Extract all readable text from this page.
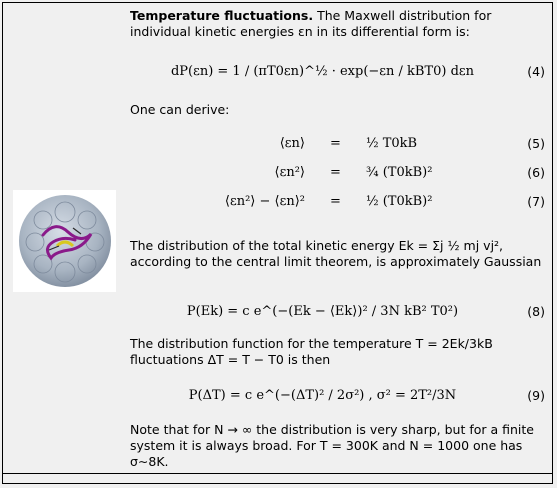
Temperature fluctuations. The Maxwell distribution for individual kinetic energies εn in its differential form is:
dP(εn) = 1 / (πT0εn)^½ · exp(−εn / kBT0) dεn	(4)
One can derive:
⟨εn⟩ = ½ T0kB	(5)
⟨εn²⟩ = ¾ (T0kB)²	(6)
⟨εn²⟩ − ⟨εn⟩² = ½ (T0kB)²	(7)
The distribution of the total kinetic energy Ek = Σj ½ mj vj², according to the central limit theorem, is approximately Gaussian
P(Ek) = c e^(−(Ek − ⟨Ek⟩)² / 3N kB² T0²)	(8)
The distribution function for the temperature T = 2Ek/3kB fluctuations ΔT = T − T0 is then
P(ΔT) = c e^(−(ΔT)² / 2σ²) , σ² = 2T²/3N	(9)
Note that for N → ∞ the distribution is very sharp, but for a finite system it is always broad. For T = 300K and N = 1000 one has σ∼8K.
